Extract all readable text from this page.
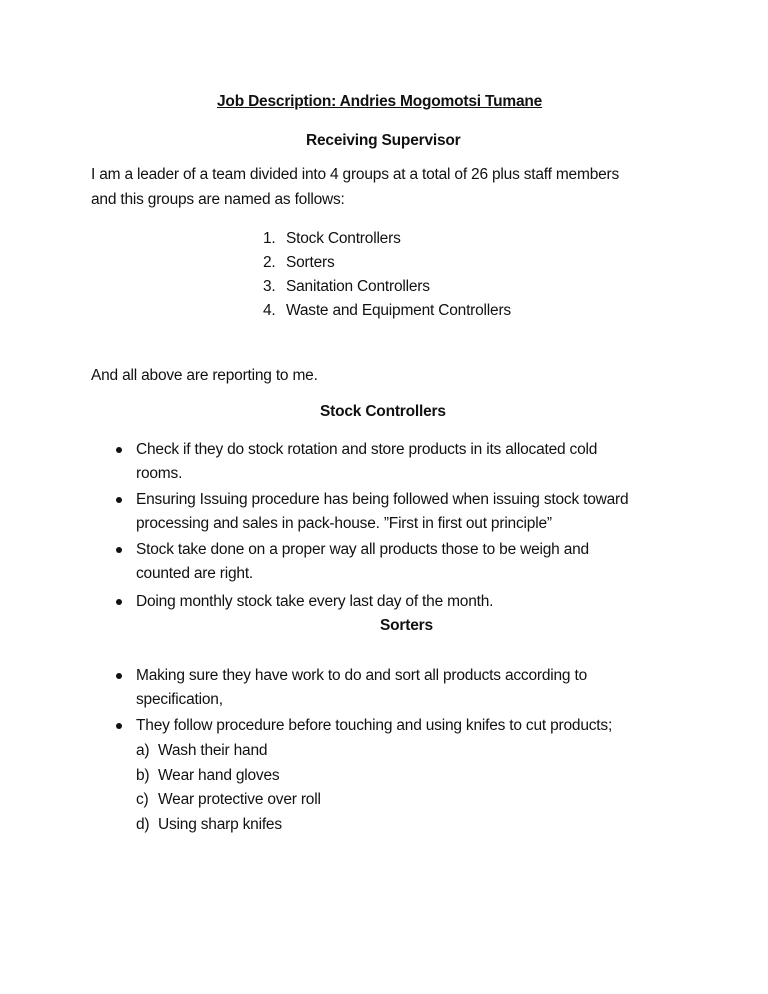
Job Description: Andries Mogomotsi Tumane
Receiving Supervisor
I am a leader of a team divided into 4 groups at a total of 26 plus staff members
and this groups are named as follows:
1. Stock Controllers
2. Sorters
3. Sanitation Controllers
4. Waste and Equipment Controllers
And all above are reporting to me.
Stock Controllers
Check if they do stock rotation and store products in its allocated cold
rooms.
Ensuring Issuing procedure has being followed when issuing stock toward
processing and sales in pack-house. ”First in first out principle”
Stock take done on a proper way all products those to be weigh and
counted are right.
Doing monthly stock take every last day of the month.
Sorters
Making sure they have work to do and sort all products according to
specification,
They follow procedure before touching and using knifes to cut products;
a) Wash their hand
b) Wear hand gloves
c) Wear protective over roll
d) Using sharp knifes
